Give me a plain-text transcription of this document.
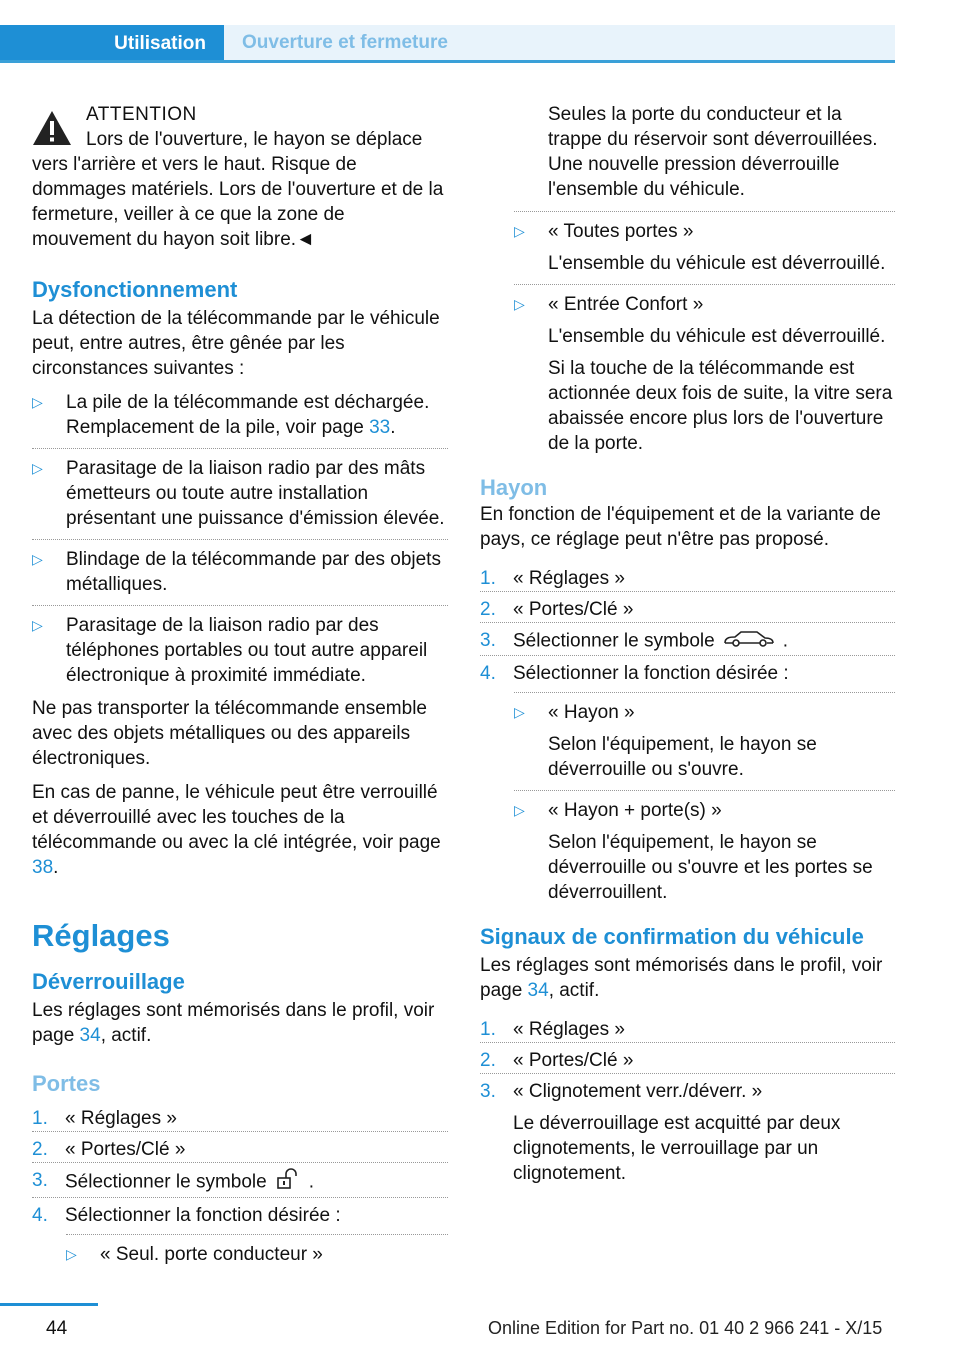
Utilisation	Ouverture et fermeture

ATTENTION

Lors de l'ouverture, le hayon se déplace vers l'arrière et vers le haut. Risque de dommages matériels. Lors de l'ouverture et de la fermeture, veiller à ce que la zone de mouvement du hayon soit libre.◄

Dysfonctionnement

La détection de la télécommande par le véhicule peut, entre autres, être gênée par les circonstances suivantes :

▷ La pile de la télécommande est déchargée. Remplacement de la pile, voir page 33.
▷ Parasitage de la liaison radio par des mâts émetteurs ou toute autre installation présentant une puissance d'émission élevée.
▷ Blindage de la télécommande par des objets métalliques.
▷ Parasitage de la liaison radio par des téléphones portables ou tout autre appareil électronique à proximité immédiate.

Ne pas transporter la télécommande ensemble avec des objets métalliques ou des appareils électroniques.

En cas de panne, le véhicule peut être verrouillé et déverrouillé avec les touches de la télécommande ou avec la clé intégrée, voir page 38.

Réglages

Déverrouillage

Les réglages sont mémorisés dans le profil, voir page 34, actif.

Portes

1. « Réglages »
2. « Portes/Clé »
3. Sélectionner le symbole .
4. Sélectionner la fonction désirée :
▷ « Seul. porte conducteur »

Seules la porte du conducteur et la trappe du réservoir sont déverrouillées. Une nouvelle pression déverrouille l'ensemble du véhicule.

▷ « Toutes portes »

L'ensemble du véhicule est déverrouillé.

▷ « Entrée Confort »

L'ensemble du véhicule est déverrouillé.

Si la touche de la télécommande est actionnée deux fois de suite, la vitre sera abaissée encore plus lors de l'ouverture de la porte.

Hayon

En fonction de l'équipement et de la variante de pays, ce réglage peut n'être pas proposé.

1. « Réglages »
2. « Portes/Clé »
3. Sélectionner le symbole	.
4. Sélectionner la fonction désirée :
▷ « Hayon »

Selon l'équipement, le hayon se déverrouille ou s'ouvre.

▷ « Hayon + porte(s) »

Selon l'équipement, le hayon se déverrouille ou s'ouvre et les portes se déverrouillent.

Signaux de confirmation du véhicule

Les réglages sont mémorisés dans le profil, voir page 34, actif.

1. « Réglages »
2. « Portes/Clé »
3. « Clignotement verr./déverr. »

Le déverrouillage est acquitté par deux clignotements, le verrouillage par un clignotement.

44	Online Edition for Part no. 01 40 2 966 241 - X/15
